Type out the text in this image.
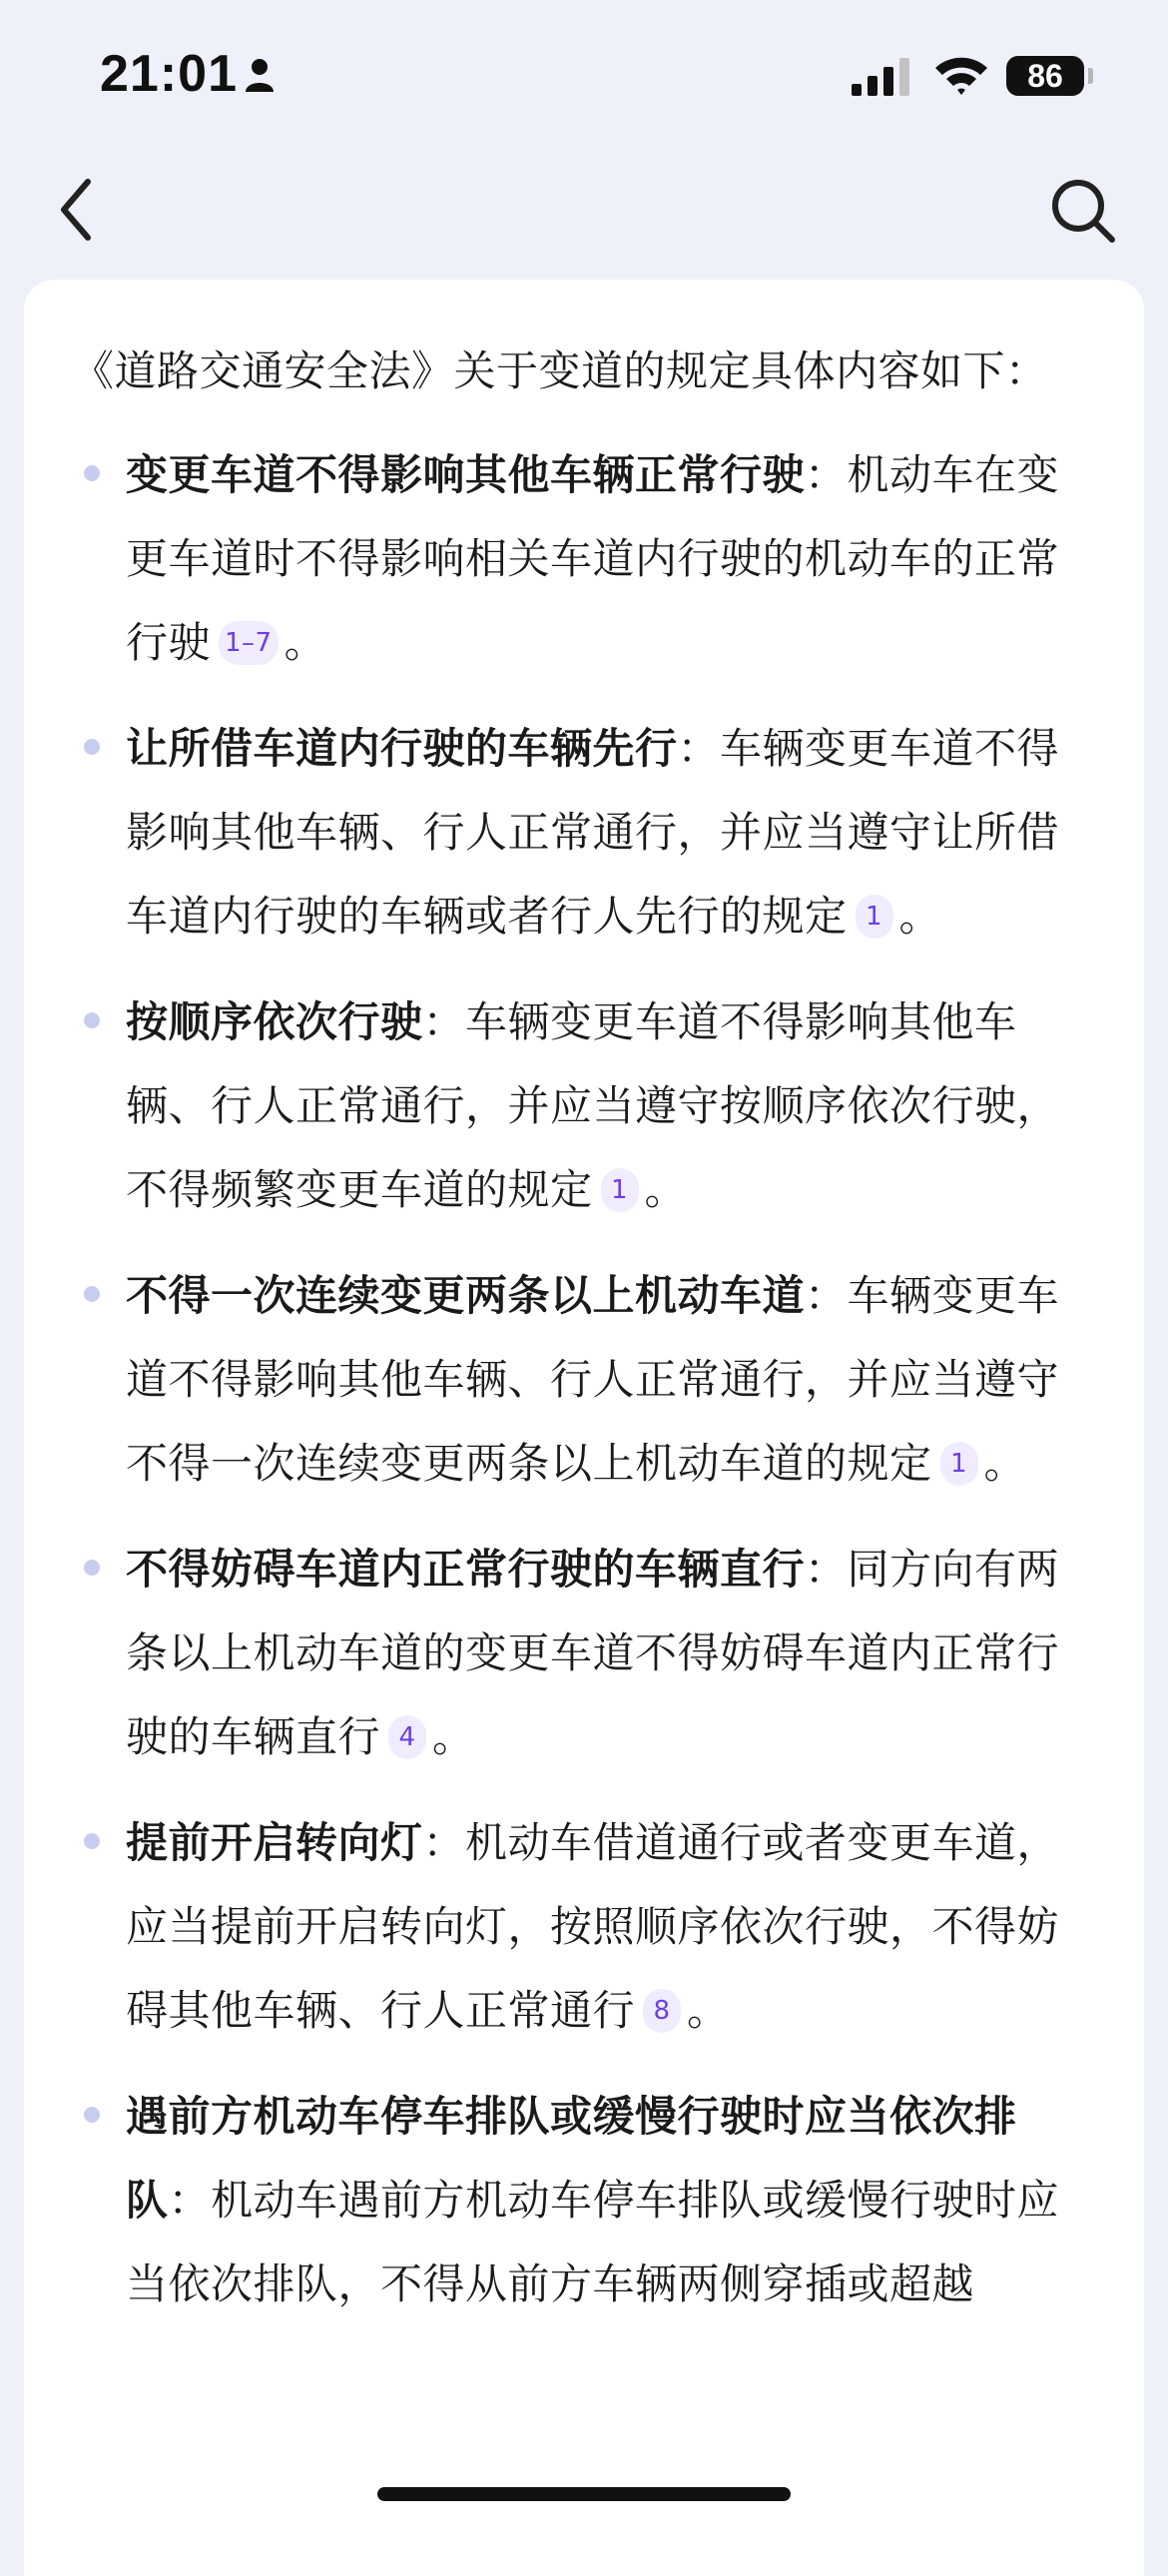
21:01	86

《道路交通安全法》关于变道的规定具体内容如下：

变更车道不得影响其他车辆正常行驶：机动车在变更车道时不得影响相关车道内行驶的机动车的正常行驶 1–7 。
让所借车道内行驶的车辆先行：车辆变更车道不得影响其他车辆、行人正常通行，并应当遵守让所借车道内行驶的车辆或者行人先行的规定 1 。
按顺序依次行驶：车辆变更车道不得影响其他车辆、行人正常通行，并应当遵守按顺序依次行驶，不得频繁变更车道的规定 1 。
不得一次连续变更两条以上机动车道：车辆变更车道不得影响其他车辆、行人正常通行，并应当遵守不得一次连续变更两条以上机动车道的规定 1 。
不得妨碍车道内正常行驶的车辆直行：同方向有两条以上机动车道的变更车道不得妨碍车道内正常行驶的车辆直行 4 。
提前开启转向灯：机动车借道通行或者变更车道，应当提前开启转向灯，按照顺序依次行驶，不得妨碍其他车辆、行人正常通行 8 。
遇前方机动车停车排队或缓慢行驶时应当依次排队：机动车遇前方机动车停车排队或缓慢行驶时应当依次排队，不得从前方车辆两侧穿插或超越
